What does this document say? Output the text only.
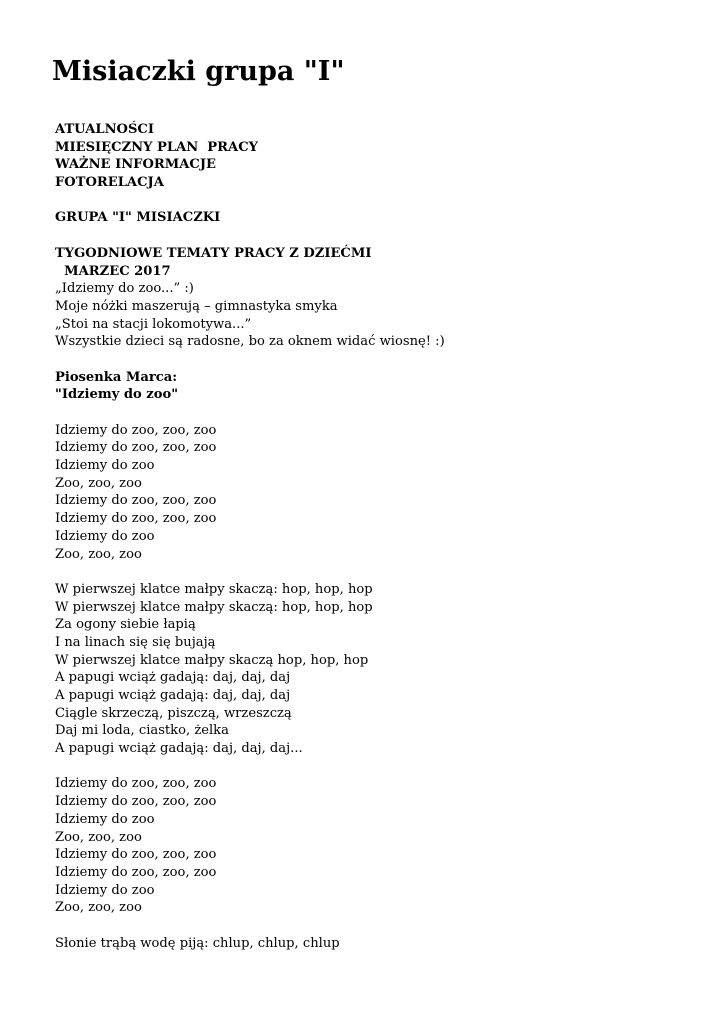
Misiaczki grupa "I"
ATUALNOŚCI
MIESIĘCZNY PLAN  PRACY
WAŻNE INFORMACJE
FOTORELACJA
GRUPA "I" MISIACZKI
TYGODNIOWE TEMATY PRACY Z DZIEĆMI
MARZEC 2017
„Idziemy do zoo...” :)
Moje nóżki maszerują – gimnastyka smyka
„Stoi na stacji lokomotywa...”
Wszystkie dzieci są radosne, bo za oknem widać wiosnę! :)
Piosenka Marca:
"Idziemy do zoo"
Idziemy do zoo, zoo, zoo
Idziemy do zoo, zoo, zoo
Idziemy do zoo
Zoo, zoo, zoo
Idziemy do zoo, zoo, zoo
Idziemy do zoo, zoo, zoo
Idziemy do zoo
Zoo, zoo, zoo
W pierwszej klatce małpy skaczą: hop, hop, hop
W pierwszej klatce małpy skaczą: hop, hop, hop
Za ogony siebie łapią
I na linach się się bujają
W pierwszej klatce małpy skaczą hop, hop, hop
A papugi wciąż gadają: daj, daj, daj
A papugi wciąż gadają: daj, daj, daj
Ciągle skrzeczą, piszczą, wrzeszczą
Daj mi loda, ciastko, żelka
A papugi wciąż gadają: daj, daj, daj...
Idziemy do zoo, zoo, zoo
Idziemy do zoo, zoo, zoo
Idziemy do zoo
Zoo, zoo, zoo
Idziemy do zoo, zoo, zoo
Idziemy do zoo, zoo, zoo
Idziemy do zoo
Zoo, zoo, zoo
Słonie trąbą wodę piją: chlup, chlup, chlup
